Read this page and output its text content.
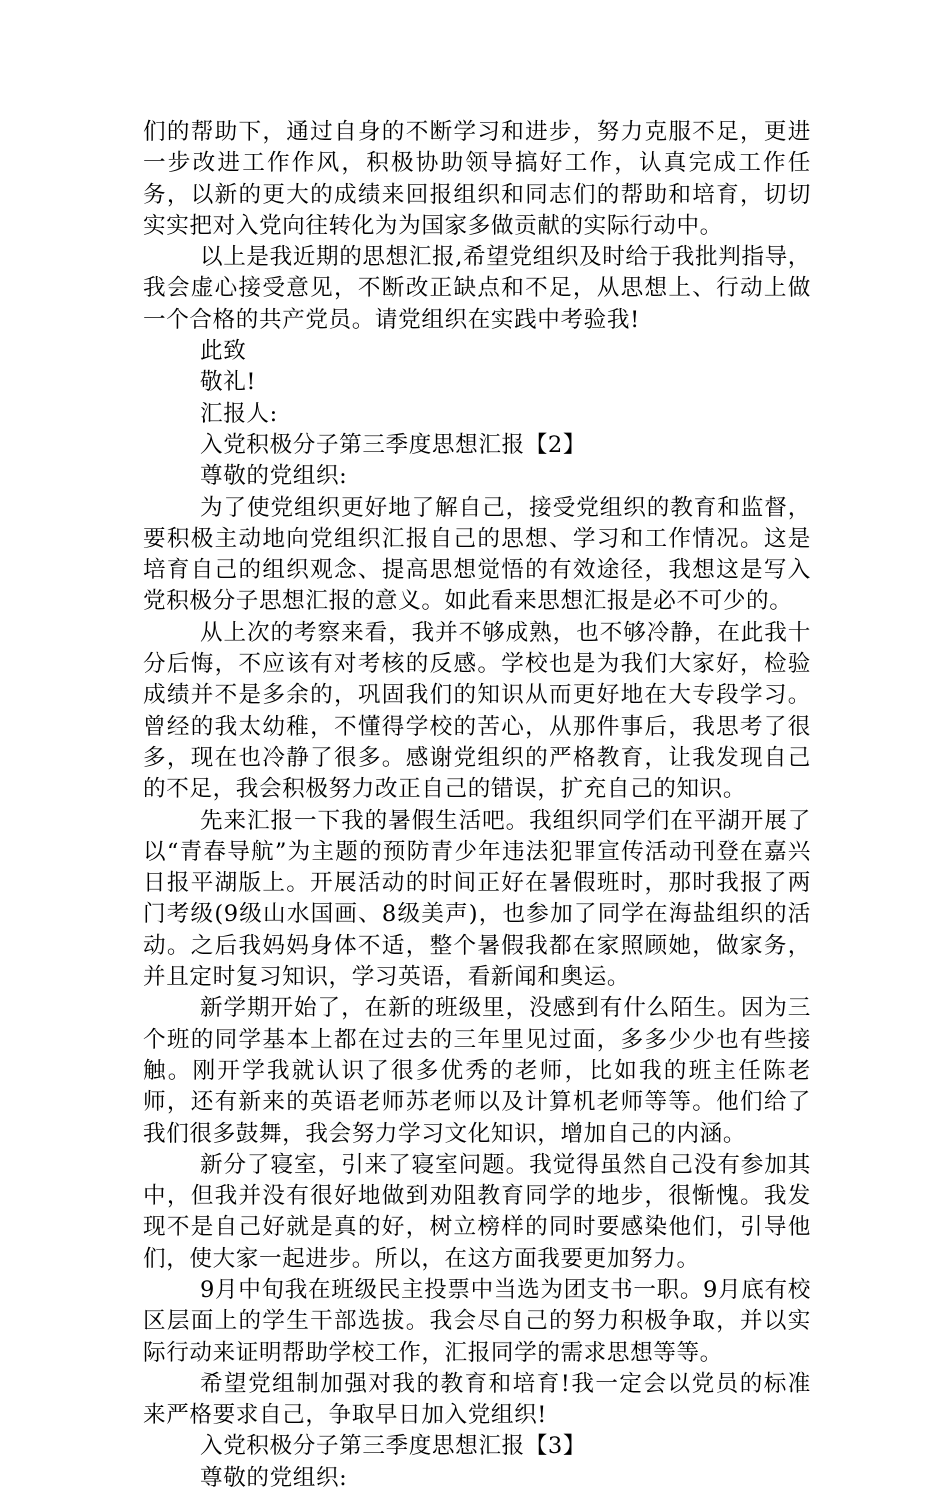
们的帮助下，通过自身的不断学习和进步，努力克服不足，更进一步改进工作作风，积极协助领导搞好工作，认真完成工作任务，以新的更大的成绩来回报组织和同志们的帮助和培育，切切实实把对入党向往转化为为国家多做贡献的实际行动中。

以上是我近期的思想汇报,希望党组织及时给于我批判指导，我会虚心接受意见，不断改正缺点和不足，从思想上、行动上做一个合格的共产党员。请党组织在实践中考验我!

此致

敬礼!

汇报人:

入党积极分子第三季度思想汇报【2】

尊敬的党组织:

为了使党组织更好地了解自己，接受党组织的教育和监督，要积极主动地向党组织汇报自己的思想、学习和工作情况。这是培育自己的组织观念、提高思想觉悟的有效途径，我想这是写入党积极分子思想汇报的意义。如此看来思想汇报是必不可少的。

从上次的考察来看，我并不够成熟，也不够冷静，在此我十分后悔，不应该有对考核的反感。学校也是为我们大家好，检验成绩并不是多余的，巩固我们的知识从而更好地在大专段学习。曾经的我太幼稚，不懂得学校的苦心，从那件事后，我思考了很多，现在也冷静了很多。感谢党组织的严格教育，让我发现自己的不足，我会积极努力改正自己的错误，扩充自己的知识。

先来汇报一下我的暑假生活吧。我组织同学们在平湖开展了以“青春导航”为主题的预防青少年违法犯罪宣传活动刊登在嘉兴日报平湖版上。开展活动的时间正好在暑假班时，那时我报了两门考级(9级山水国画、8级美声)，也参加了同学在海盐组织的活动。之后我妈妈身体不适，整个暑假我都在家照顾她，做家务，并且定时复习知识，学习英语，看新闻和奥运。

新学期开始了，在新的班级里，没感到有什么陌生。因为三个班的同学基本上都在过去的三年里见过面，多多少少也有些接触。刚开学我就认识了很多优秀的老师，比如我的班主任陈老师，还有新来的英语老师苏老师以及计算机老师等等。他们给了我们很多鼓舞，我会努力学习文化知识，增加自己的内涵。

新分了寝室，引来了寝室问题。我觉得虽然自己没有参加其中，但我并没有很好地做到劝阻教育同学的地步，很惭愧。我发现不是自己好就是真的好，树立榜样的同时要感染他们，引导他们，使大家一起进步。所以，在这方面我要更加努力。

9月中旬我在班级民主投票中当选为团支书一职。9月底有校区层面上的学生干部选拔。我会尽自己的努力积极争取，并以实际行动来证明帮助学校工作，汇报同学的需求思想等等。

希望党组制加强对我的教育和培育!我一定会以党员的标准来严格要求自己，争取早日加入党组织!

入党积极分子第三季度思想汇报【3】

尊敬的党组织:
